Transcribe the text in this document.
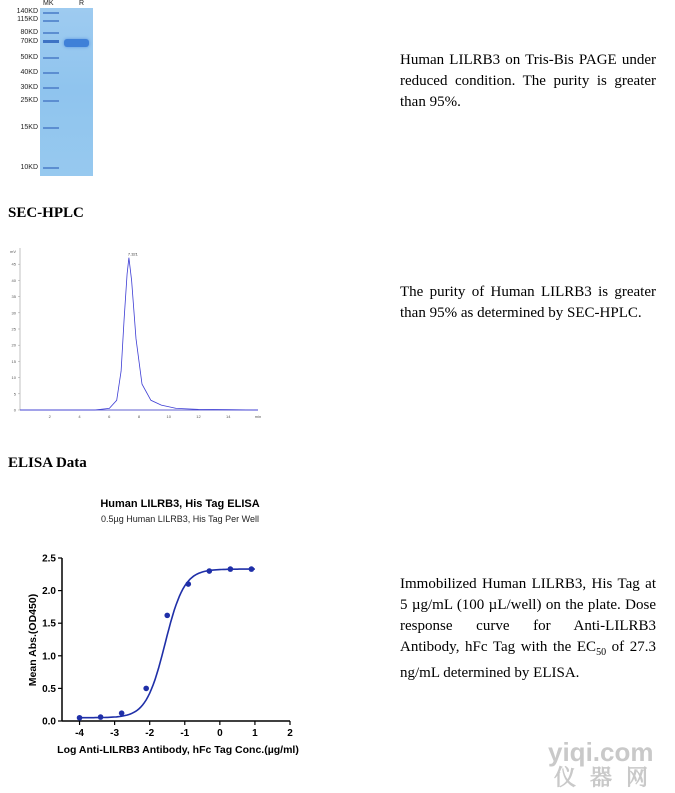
MK	R
140KD
115KD
80KD
70KD
50KD
40KD
30KD
25KD
15KD
10KD
Human LILRB3 on Tris-Bis PAGE under reduced condition. The purity is greater than 95%.
SEC-HPLC
mV
0
5
10
15
20
25
30
35
40
45
2	4	6	8	10	12	14	min
7.321
The purity of Human LILRB3 is greater than 95% as determined by SEC-HPLC.
ELISA Data
Human LILRB3, His Tag ELISA
0.5µg Human LILRB3, His Tag Per Well
0.0
0.5
1.0
1.5
2.0
2.5
-4	-3	-2	-1	0	1	2
Log Anti-LILRB3 Antibody, hFc Tag Conc.(µg/ml)
Mean Abs.(OD450)
Immobilized Human LILRB3, His Tag at 5 µg/mL (100 µL/well) on the plate. Dose response curve for Anti-LILRB3 Antibody, hFc Tag with the $EC_{50}$ of 27.3 ng/mL determined by ELISA.
yiqi.com
仪器网
